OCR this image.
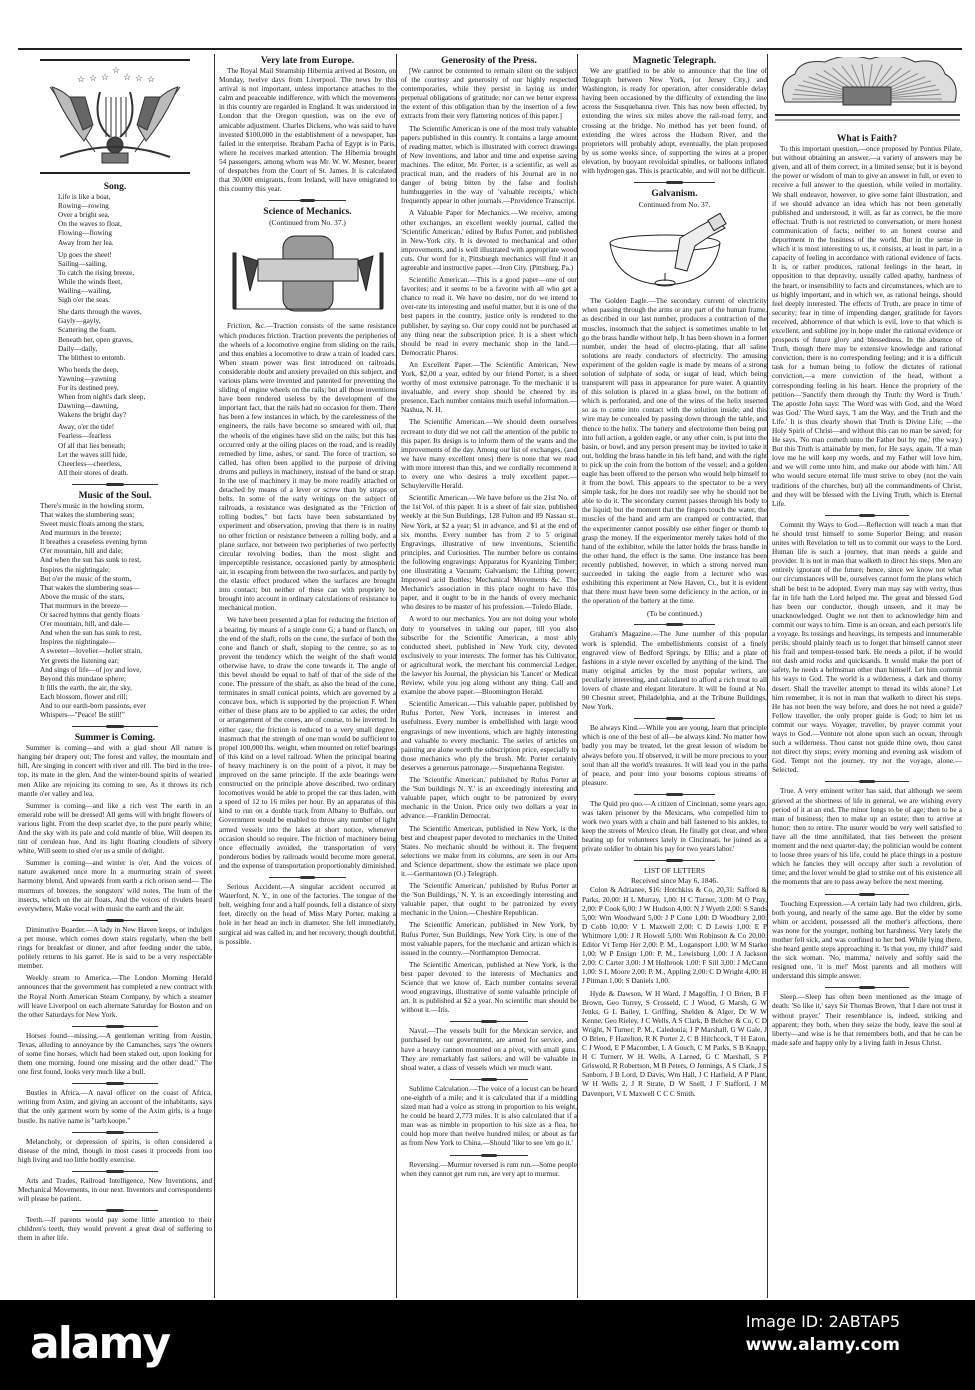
☆ ☆ ☆
☆
☆ ☆ ☆
Song.
Life is like a boat,
Rowing—rowing
Over a bright sea,
On the waves to float,
Flowing—flowing
Away from her lea.
Up goes the sheet!
Sailing—sailing,
To catch the rising breeze,
While the winds fleet,
Wailing—wailing,
Sigh o'er the seas.
She darts through the waves,
Gayly—gayly,
Scattering the foam.
Beneath her, open graves,
Daily—daily,
The blithest to entomb.
Who heeds the deep,
Yawning—yawning
For its destined prey,
When from night's dark sleep,
Dawning—dawning,
Wakens the bright day?
Away, o'er the tide!
Fearless—fearless
Of all that lies beneath;
Let the waves still hide,
Cheerless—cheerless,
All their stores of death.
Music of the Soul.
There's music in the howling storm,
That wakes the slumbering seas;
Sweet music floats among the stars,
And murmurs in the breeze;
It breathes a ceaseless evening hymn
O'er mountain, hill and dale;
And when the sun has sunk to rest,
Inspires the nightingale;
But o'er the music of the storm,
That wakes the slumbering seas—
Above the music of the stars,
That murmurs in the breeze—
Or sacred hymns that gently floats
O'er mountain, hill, and dale—
And when the sun has sunk to rest,
Inspires the nightingale—
A sweeter—lovelier—holier strain,
Yet greets the listening ear;
And sings of life—of joy and love,
Beyond this mundane sphere;
It fills the earth, the air, the sky,
Each blossom, flower and rill;
And to our earth-born passions, ever
Whispers—"Peace! Be still!"
Summer is Coming.
Summer is coming—and with a glad shout All nature is hanging her drapery out; The forest and valley, the mountain and hill, Are singing in concert with river and rill. The bird in the tree-top, its mate in the glen, And the winter-bound spirits of wearied men Alike are rejoicing its coming to see, As it throws its rich mantle o'er valley and lea.
Summer is coming—and like a rich vest The earth in an emerald robe will be dressed! All gems will with bright flowers of various light. From the deep scarlet dye, to the pure pearly white; And the sky with its pale and cold mantle of blue, Will deepen its tint of cerulean hue, And its light floating cloudlets of silvery white, Will seem to shed o'er us a smile of delight.
Summer is coming—and winter is o'er, And the voices of nature awakened once more In a murmuring strain of sweet harmony blend, And upwards from earth a rich orison send— The murmurs of breezes, the songsters' wild notes, The hum of the insects, which on the air floats, And the voices of rivulets heard everywhere, Make vocal with music the earth and the air.
Diminutive Boarder.—A lady in New Haven keeps, or indulges a pet mouse, which comes down stairs regularly, when the bell rings for breakfast or dinner, and after feeding under the table, politely returns to his garret. He is said to be a very respectable member.
Weekly steam to America.—The London Morning Herald announces that the government has completed a new contract with the Royal North American Steam Company, by which a steamer will leave Liverpool on each alternate Saturday for Boston and on the other Saturdays for New York.
Horses found—missing.—A gentleman writing from Austin, Texas, alluding to annoyance by the Camanches, says 'the owners of some fine horses, which had been staked out, upon looking for them one morning, found one missing and the other dead." The one first found, looks very much like a bull.
Bustles in Africa.—A naval officer on the coast of Africa, writing from Axim, and giving an account of the inhabitants, says that the only garment worn by some of the Axim girls, is a huge bustle. Its native name is "tarb koope."
Melancholy, or depression of spirits, is often considered a disease of the mind, though in most cases it proceeds from too high living and too little bodily exercise.
Arts and Trades, Railroad Intelligence, New Inventions, and Mechanical Movements, in our next. Inventors and correspondents will please be patient.
Teeth.—If parents would pay some little attention to their children's teeth, they would prevent a great deal of suffering to them in after life.
Very late from Europe.
The Royal Mail Steamship Hibernia arrived at Boston, on Monday, twelve days from Liverpool. The news by this arrival is not important, unless importance attaches to the calm and peaceable indifference, with which the movements in this country are regarded in England. It was understood in London that the Oregon question, was on the eve of amicable adjustment. Charles Dickens, who was said to have invested $100,000 in the establishment of a newspaper, has failed in the enterprise. Ibrabam Pacha of Egypt is in Paris, where he receives marked attention. The Hibernia brought 54 passengers, among whom was Mr. W. W. Mesner, bearer of despatches from the Court of St. James. It is calculated that 30,000 emigrants, from Ireland, will have emigrated to this country this year.
Science of Mechanics.
(Continued from No. 37.)
Friction, &c.—Traction consists of the same resistance which produces friction. Traction prevents the peripheries of the wheels of a locomotive engine from sliding on the rails, and thus enables a locomotive to draw a train of loaded cars. When steam power was first introduced on railroads, considerable doubt and anxiety prevailed on this subject, and various plans were invented and patented for preventing the sliding of engine wheels on the rails; but all those inventions have been rendered useless by the development of the important fact, that the rails had no occasion for them. There has been a few instances in which, by the carelessness of the engineers, the rails have become so smeared with oil, that the wheels of the engines have slid on the rails; but this has occurred only at the oiling places on the road, and is readily remedied by lime, ashes, or sand. The force of traction, so called, has often been applied to the purpose of driving drums and pulleys in machinery, instead of the band or strap. In the use of machinery it may be more readily attached or detached by means of a lever or screw than by straps or belts. In some of the early writings on the subject of railroads, a resistance was designated as the "Friction of rolling bodies," but facts have been substantiated by experiment and observation, proving that there is in reality no other friction or resistance between a rolling body, and a plane surface, nor between two peripheries of two perfectly circular revolving bodies, than the most slight and imperceptible resistance, occasioned partly by atmospheric air, in escaping from between the two surfaces, and partly by the elastic effect produced when the surfaces are brought into contact; but neither of these can with propriety be brought into account in ordinary calculations of resistance to mechanical motion.
We have been presented a plan for reducing the friction of a bearing, by means of a single cone G; a band or flanch, on the end of the shaft, rolls on the cone, the surface of both the cone and flanch or shaft, sloping to the centre, so as to prevent the tendency which the weight of the shaft would otherwise have, to draw the cone towards it. The angle of this bevel should be equal to half of that of the side of the cone. The pressure of the shaft, as also the head of the cone, terminates in small conical points, which are governed by a concave box, which is supported by the projection F. When either of these plans are to be applied to car axles, the order or arrangement of the cones, are of course, to be inverted. In either case, the friction is reduced to a very small degree, inasmuch that the strength of one man would be sufficient to propel 100,000 lbs. weight, when mounted on relief bearings of this kind on a level railroad. When the principal bearing of heavy machinery is on the point of a pivot, it may be improved on the same principle. If the axle bearings were constructed on the principle above described, two ordinary locomotives would be able to propel the car thus laden, with a speed of 12 to 16 miles per hour. By an apparatus of this kind to run on a double track from Albany to Buffalo, our Government would be enabled to throw any number of light armed vessels into the lakes at short notice, whenever occasion should so require. The friction of machinery being once effectually avoided, the transportation of very ponderous bodies by railroads would become more general, and the expense of transportation proportionably diminished.
Serious Accident.—A singular accident occurred at Waterford, N. Y., in one of the factories. The tongue of the belt, weighing four and a half pounds, fell a distance of sixty feet, directly on the head of Miss Mary Porter, making a hole in her head an inch in diameter. She fell immediately, surgical aid was called in, and her recovery, though doubtful, is possible.
Generosity of the Press.
[We cannot be contented to remain silent on the subject of the courtesy and generosity of our highly respected contemporaries, while they persist in laying us under perpetual obligations of gratitude; nor can we better express the extent of this obligation than by the insertion of a few extracts from their very flattering notices of this paper.]
The Scientific American is one of the most truly valuable papers published in this country. It contains a large amount of reading matter, which is illustrated with correct drawings of New inventions, and labor and time and expense saving machines. The editor, Mr. Porter, is a scientific, as well as practical man, and the readers of his Journal are in no danger of being bitten by the false and foolish humbuggeries in the way of 'valuable receipts,' which frequently appear in other journals.—Providence Transcript.
A Valuable Paper for Mechanics.—We receive, among other exchanges, an excellent weekly journal, called the 'Scientific American,' edited by Rufus Porter, and published in New-York city. It is devoted to mechanical and other improvements, and is well illustrated with appropriate wood cuts. Our word for it, Pittsburgh mechanics will find it an agreeable and instructive paper.—Iron City. (Pittsburg, Pa.)
Scientific American.—This is a good paper—one of our favorites; and it seems to be a favorite with all who get a chance to read it. We have no desire, nor do we intend to over-rate its interesting and useful matter, but it is one of the best papers in the country, justice only is rendered to the publisher, by saying so. Our copy could not be purchased at any thing near the subscription price. It is a sheet which should be read in every mechanic shop in the land.—Democratic Pharos.
An Excellent Paper.—The Scientific American, New York, $2,00 a year, edited by our friend Porter, is a sheet worthy of most extensive patronage. To the mechanic it is invaluable, and every shop should be cheered by its presence. Each number contains much useful information.—Nashua, N. H.
The Scientific American.—We should deem ourselves recreant to duty did we not call the attention of the public to this paper. Its design is to inform them of the wants and the improvements of the day. Among our list of exchanges, (and we have many excellent ones) there is none that we read with more interest than this, and we cordially recommend it to every one who desires a truly excellent paper.—Schuylerville Herald.
Scientific American.—We have before us the 21st No. of the 1st Vol. of this paper. It is a sheet of fair size, published weekly at the Sun Buildings, 128 Fulton and 89 Nassau st., New York, at $2 a year; $1 in advance, and $1 at the end of six months. Every number has from 2 to 5 original Engravings, illustrative of new inventions, Scientific principles, and Curiosities. The number before us contains the following engravings: Apparatus for Kyanizing Timber; one illustrating a Vacuum; Galvanism; the Lifting power; Improved acid Bottles; Mechanical Movements &c. The Mechanic's association in this place ought to have this paper, and it ought to be in the hands of every mechanic who desires to be master of his profession.—Toledo Blade.
A word to our mechanics. You are not doing your whole duty to yourselves in taking our paper, till you also subscribe for the Scientific American, a most ably conducted sheet, published in New York city, devoted exclusively to your interests. The former has his Cultivator, or agricultural work, the merchant his commercial Ledger, the lawyer his Journal, the physician his 'Lancet' or Medical Review, while you jog along without any thing. Call and examine the above paper.—Bloomington Herald.
Scientific American.—This valuable paper, published by Rufus Porter, New York, increases in interest and usefulness. Every number is embellished with large wood engravings of new inventions, which are highly interesting and valuable to every mechanic. The series of articles on painting are alone worth the subscription price, especially to those mechanics who ply the brush. Mr. Porter certainly deserves a generous patronage.—Susquehanna Register.
The 'Scientific American,' published by Rufus Porter at the 'Sun buildings N. Y.' is an exceedingly interesting and valuable paper, which ought to be patronized by every mechanic in the Union. Price only two dollars a year in advance.—Franklin Democrat.
The Scientific American, published in New York, is the best and cheapest paper devoted to mechanics in the United States. No mechanic should be without it. The frequent selections we make from its columns, are seen in our Arts and Science department, show the estimate we place upon it.—Germantown (O.) Telegraph.
The 'Scientific American,' published by Rufus Porter at the 'Sun Buildings,' N. Y. is an exceedingly interesting and valuable paper, that ought to be patronized by every mechanic in the Union.—Cheshire Republican.
The Scientific American, published in New York, by Rufus Porter, Sun Buildings, New York City, is one of the most valuable papers, for the mechanic and artizan which is issued in the country.—Northampton Democrat.
The Scientific American, published at New York, is the best paper devoted to the interests of Mechanics and Science that we know of. Each number contains several wood engravings, illustrative of some valuable principle of art. It is published at $2 a year. No scientific man should be without it.—Iris.
Naval.—The vessels built for the Mexican service, and purchased by our government, are armed for service, and have a heavy cannon mounted on a pivot, with small guns. They are remarkably fast sailors, and will be valuable in shoal water, a class of vessels which we much want.
Sublime Calculation.—The voice of a locust can be heard one-eighth of a mile; and it is calculated that if a middling sized man had a voice as strong in proportion to his weight, he could be heard 2,773 miles. It is also calculated that if a man was as nimble in proportion to his size as a flea, he could hop more than twelve hundred miles; or about as far as from New York to China.—Should 'like to see 'em go it.'
Reversing.—Murmur reversed is rum run.—Some people when they cannot get rum run, are very apt to murmur.
Magnetic Telegraph.
We are gratified to be able to announce that the line of Telegraph between New York, (or Jersey City,) and Washington, is ready for operation, after considerable delay having been occasioned by the difficulty of extending the line across the Susquehanna river. This has now been effected, by extending the wires six miles above the rail-road ferry, and crossing at the bridge. No method has yet been found, of extending the wires across the Hudson River, and the proprietors will probably adopt, eventually, the plan proposed by us some weeks since, of supporting the wires at a proper elevation, by buoyant revoloidal spindles, or balloons inflated with hydrogen gas. This is practicable, and will not be difficult.
Galvanism.
Continued from No. 37.
The Golden Eagle.—The secondary current of electricity when passing through the arms or any part of the human frame, as described in our last number, produces a contraction of the muscles, insomuch that the subject is sometimes unable to let go the brass handle without help. It has been shown in a former number, under the head of electro-plating, that all saline solutions are ready conductors of electricity. The amusing experiment of the golden eagle is made by means of a strong solution of sulphate of soda, or sugar of lead, which being transparent will pass in appearance for pure water. A quantity of this solution is placed in a glass bowl, on the bottom of which is perforated, and one of the wires of the helix inserted so as to come into contact with the solution inside; and this wire may be concealed by passing down through the table, and thence to the helix. The battery and electrotome then being put into full action, a golden eagle, or any other coin, is put into the basin, or bowl, and any person present may be invited to take it out, holding the brass handle in his left hand, and with the right to pick up the coin from the bottom of the vessel; and a golden eagle has been offered to the person who would help himself to it from the bowl. This appears to the spectator to be a very simple task, for he does not readily see why he should not be able to do it. The secondary current passes through his body to the liquid; but the moment that the fingers touch the water, the muscles of the hand and arm are cramped or contracted, that the experimenter cannot possibly use either finger or thumb to grasp the money. If the experimentor merely takes hold of the hand of the exhibitor, while the latter holds the brass handle in the other hand, the effect is the same. One instance has been recently published, however, in which a strong nerved man succeeded in taking the eagle from a lecturer who was exhibiting this experiment at New Haven, Ct., but it is evident that there must have been some deficiency in the action, or in the operation of the battery at the time.
(To be continued.)
Graham's Magazine.—The June number of this popular work is splendid. The embellishments consist of a finely engraved view of Bedford Springs, by Ellis; and a plate of fashions in a style never excelled by anything of the kind. The many original articles by the most popular writers, are peculiarly interesting, and calculated to afford a rich treat to all lovers of chaste and elegant literature. It will be found at No. 90 Chesnut street, Philadelphia, and at the Tribune Buildings, New York.
Be always Kind.—While you are young, learn that principle which is one of the best of all—be always kind. No matter how badly you may be treated, let the great lesson of wisdom be always before you. If observed, it will be more precious to your soul than all the world's treasures. It will lead you in the paths of peace, and pour into your bosoms copious streams of pleasure.
The Quid pro quo.—A citizen of Cincinnati, some years ago, was taken prisoner by the Mexicans, who compelled him to work two years with a chain and ball fastened to his ankles, to keep the streets of Mexico clean. He finally got clear, and when beating up for volunteers lately in Cincinnati, he joined as a private soldier 'to obtain his pay for two years labor.'
LIST OF LETTERS
Received since May 6, 1846.
Colon & Adrianee, $16: Hotchkiss & Co, 20,31: Safford & Parks, 20,00: H L Murray, 1,00: H C Turner, 3,00: M O Pray, 2,00: P Cook 6,00: J W Hudson 4,00: N J Wyeth 2,00: S Sands 5,00: Wm Woodward 5,00: J P Cone 1,00: D Woodbury 2,00: D Cobb 10,00: V L Maxwell 2,00: C D Lewis 1,00: E P Whitmore 1,00: J R Howell 5,00: Wm Robinson & Co 20,00: Editor Vt Temp Her 2,00: P. M., Logansport 1,00: W M Starke 1,00: W P Ensign 1,00: P. M., Lewisburg 1,00: J A Jackson 2,00: C Carter 3,00: J M Holbrook 1,00: F Sill 3,00: J McCann 1,00: S L Moore 2,00: P. M., Appling 2,00: C D Wright 4,00: H J Pitman 1,00: S Daniels 1,00.
Hyde & Dawson, W H Ward, J Magoffin, J O Brien, B F Brown, Geo Torrey, S Crosseld, C J Wood, G Marsh, G W Jenks, G L Bailey, L Griffing, Shelden & Alger, Dr W W Kenne, Geo Rieley, J C Wells, A S Clark, B Belcher & Co, C D Wright, N Turner; P. M., Caledonia; J P Marshall, G W Gale, J O Brien, F Hazelton, R K Porter 2, C B Hitchcock, T H Eaton, C J Wood, E P Macomber, L A Gouch, C M Parks, S B Knapp, H C Turnerr, W H. Wells, A Larned, G C Marshall, S P Griswold, R Robertson, M B Peters, O Jennings, A S Clark, J S Sanborn, J B Lord, D Davis, Wm Hall, J C Hatfield, A P Plant, W H Wells 2, J R Strate, D W Snell, J F Stafford, J M Davenport, V L Maxwell C C C Smith.
What is Faith?
To this important question,—once proposed by Pontius Pilate, but without obtaining an answer,—a variety of answers may be given, and all of them correct, in a limited sense; but it is beyond the power or wisdom of man to give an answer in full, or even to receive a full answer to the question, while veiled in mortality. We shall endeavor, however, to give some faint illustration, and if we should advance an idea which has not been generally published and understood, it will, as far as correct, be the more effectual. Truth is not restricted to conversation, or mere honest communication of facts; neither to an honest course and deportment in the business of the world. But in the sense in which it is most interesting to us, it consists, at least in part, in a capacity of feeling in accordance with rational evidence of facts. It is, or rather produces, rational feelings in the heart, in opposition to that depravity, usually called apathy, hardness of the heart, or insensibility to facts and circumstances, which are to us highly important, and in which we, as rational beings, should feel deeply interested. The effects of Truth, are peace in time of security; fear in time of impending danger, gratitude for favors received, abhorrence of that which is evil, love to that which is excellent, and sublime joy in hope under the rational evidence or prospects of future glory and blessedness. In the absence of Truth, though there may be extensive knowledge and rational conviction, there is no corresponding feeling; and it is a difficult task for a human being to follow the dictates of rational conviction,—a mere conviction of the head, without a corresponding feeling in his heart. Hence the propriety of the petition—'Sanctify them through thy Truth: thy Word is Truth.' The apostle John says: 'The Word was with God, and the Word was God.' The Word says, 'I am the Way, and the Truth and the Life.' It is thus clearly shown that Truth is Divine Life; —the Holy Spirit of Christ—and without this can no man be saved; for He says, 'No man cometh unto the Father but by me,' (the way.) But this Truth is attainable by men, for He says, again, 'If a man love me he will keep my words, and my Father will love him, and we will come unto him, and make our abode with him.' All who would secure eternal life must strive to obey (not the vain traditions of the churches, but) all the commandments of Christ, and they will be blessed with the Living Truth, which is Eternal Life.
Commit thy Ways to God.—Reflection will teach a man that he should trust himself to some Superior Being; and reason unites with Revelation to tell us to commit our ways to the Lord. Human life is such a journey, that man needs a guide and provider. It is not in man that walketh to direct his steps. Men are entirely ignorant of the future; hence, since we know not what our circumstances will be, ourselves cannot form the plans which shall be best to be adopted. Every man may say with verity, thus far in life hath the Lord helped me. The great and blessed God has been our conductor, though unseen, and it may be unacknowledged. Ought we not then to acknowledge him and commit our ways to him. Time is an ocean, and each person's life a voyage. Its tossings and heavings, its tempests and innumerable perils, should plainly teach us to forget that himself cannot steer his frail and tempest-tossed bark. He needs a pilot, if he would not dash amid rocks and quicksands. It would make the port of safety, he needs a helmsman other than himself. Let him commit his ways to God. The world is a wilderness, a dark and thorny desert. Shall the traveller attempt to thread its wilds alone? Let him remember, it is not in man that walketh to direct his steps. He has not been the way before, and does he not need a guide? Fellow traveller, the only proper guide is God; to him let us commit our ways. Voyager, traveller, by prayer commit your ways to God.—Venture not alone upon such an ocean, through such a wilderness. Thou canst not guide thine own, thou canst not direct thy steps; every morning and evening ask wisdom of God. Tempt not the journey, try not the voyage, alone.—Selected.
True. A very eminent writer has said, that although we seem grieved at the shortness of life in general, we are wishing every period of it at an end. The minor longs to be of age; then to be a man of business; then to make up an estate; then to arrive at honor; then to retire. The usurer would be very well satisfied to have all the time annihilated, that lies between the present moment and the next quarter-day; the politician would be content to loose three years of his life, could he place things in a posture which he fancies they will occupy after such a revolution of time; and the lover would be glad to strike out of his existence all the moments that are to pass away before the next meeting.
Touching Expression.—A certain lady had two children, girls, both young, and nearly of the same age. But the elder by some whim or accident, possessed all the mother's affections, there was none for the younger, nothing but harshness. Very lately the mother fell sick, and was confined to her bed. While lying there, she heard gentle steps approaching it. 'Is that you, my child?' said the sick woman. 'No, mamma,' neively and softly said the resigned one, 'it is me!' Most parents and all mothers will understand this simple answer.
Sleep.—Sleep has often been mentioned as the image of death: 'So like it,' says Sir Thomas Brown, 'that I dare not trust it without prayer.' Their resemblance is, indeed, striking and apparent; they both, when they seize the body, leave the soul at liberty—and wise is he that remembers both, and that he can be made safe and happy only by a living faith in Jesus Christ.
alamy	Image ID: 2ABTAP5
www.alamy.com
